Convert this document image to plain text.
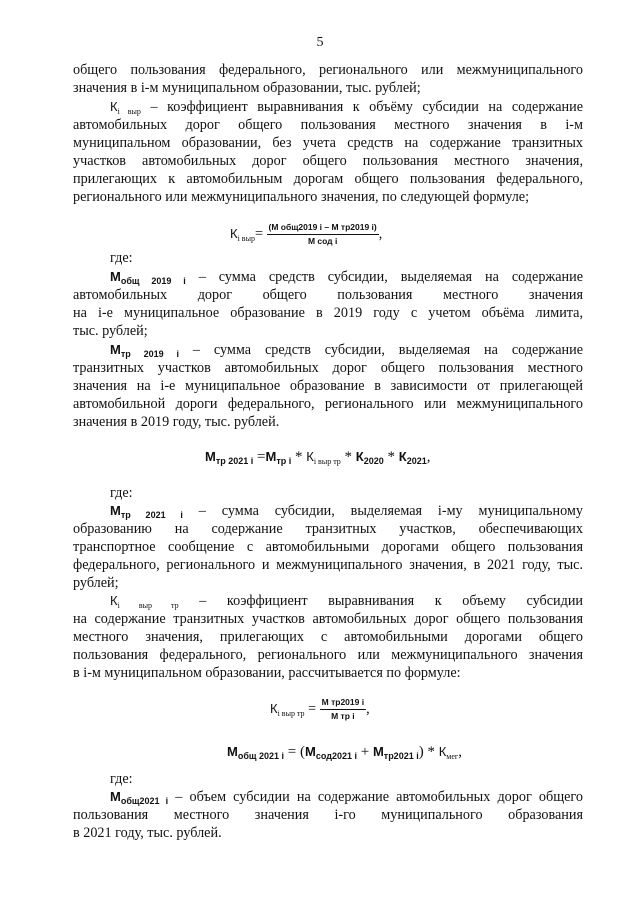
5
общего пользования федерального, регионального или межмуниципального
значения в i-м муниципальном образовании, тыс. рублей;
$К_{i выр}$ – коэффициент выравнивания к объёму субсидии на содержание
автомобильных дорог общего пользования местного значения в i-м
муниципальном образовании, без учета средств на содержание транзитных
участков автомобильных дорог общего пользования местного значения,
прилегающих к автомобильным дорогам общего пользования федерального,
регионального или межмуниципального значения, по следующей формуле;
$К_{i выр}= \frac{\text{(М общ2019 i – М тр2019 i)}}{\text{М сод i}}$ ,
где:
$М_{общ 2019 i}$ – сумма средств субсидии, выделяемая на содержание
автомобильных дорог общего пользования местного значения
на i-е муниципальное образование в 2019 году с учетом объёма лимита,
тыс. рублей;
$М_{тр 2019 i}$ – сумма средств субсидии, выделяемая на содержание
транзитных участков автомобильных дорог общего пользования местного
значения на i-е муниципальное образование в зависимости от прилегающей
автомобильной дороги федерального, регионального или межмуниципального
значения в 2019 году, тыс. рублей.
$М_{тр 2021 i} =М_{тр i} * К_{i выр тр} * К_{2020} * К_{2021}$,
где:
$М_{тр 2021 i}$ – сумма субсидии, выделяемая i-му муниципальному
образованию на содержание транзитных участков, обеспечивающих
транспортное сообщение с автомобильными дорогами общего пользования
федерального, регионального и межмуниципального значения, в 2021 году, тыс.
рублей;
$К_{i выр тр}$ – коэффициент выравнивания к объему субсидии
на содержание транзитных участков автомобильных дорог общего пользования
местного значения, прилегающих с автомобильными дорогами общего
пользования федерального, регионального или межмуниципального значения
в i-м муниципальном образовании, рассчитывается по формуле:
$К_{i выр тр} = \frac{\text{М тр2019 i}}{\text{М тр i}}$ ,
$М_{общ 2021 i} = (М_{сод2021 i} + М_{тр2021 i}) * К_{мег}$,
где:
$М_{общ2021 i}$ – объем субсидии на содержание автомобильных дорог общего
пользования местного значения i-го муниципального образования
в 2021 году, тыс. рублей.
